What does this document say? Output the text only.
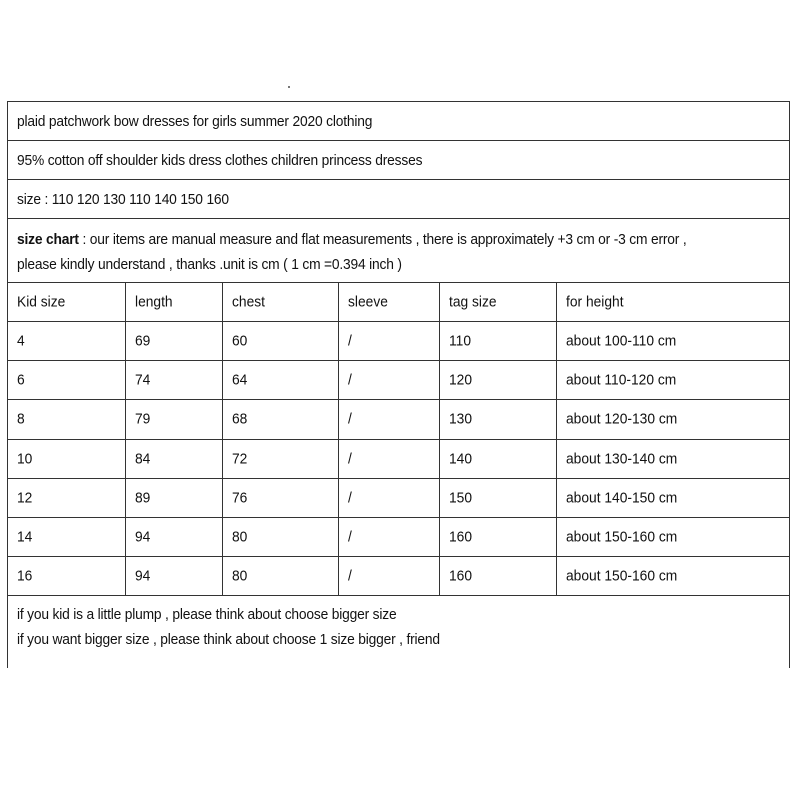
plaid patchwork bow dresses for girls summer 2020 clothing
95% cotton off shoulder kids dress clothes children princess dresses
size : 110 120 130 110 140 150 160
size chart : our items are manual measure and flat measurements , there is approximately +3 cm or -3 cm error ,
please kindly understand , thanks .unit is cm ( 1 cm =0.394 inch )
Kid size	length	chest	sleeve	tag size	for height
4	69	60	/	110	about 100-110 cm
6	74	64	/	120	about 110-120 cm
8	79	68	/	130	about 120-130 cm
10	84	72	/	140	about 130-140 cm
12	89	76	/	150	about 140-150 cm
14	94	80	/	160	about 150-160 cm
16	94	80	/	160	about 150-160 cm
if you kid is a little plump , please think about choose bigger size
if you want bigger size , please think about choose 1 size bigger , friend
